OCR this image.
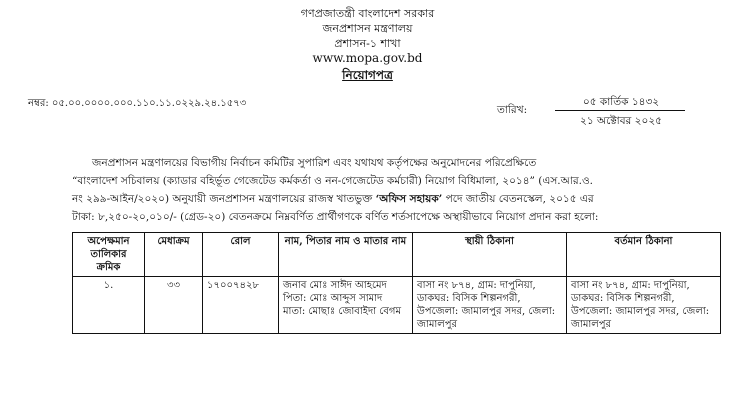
গণপ্রজাতন্ত্রী বাংলাদেশ সরকার
জনপ্রশাসন মন্ত্রণালয়
প্রশাসন-১ শাখা
www.mopa.gov.bd
নিয়োগপত্র
নম্বর: ০৫.০০.০০০০.০০০.১১০.১১.০২২৯.২৪.১৫৭৩
তারিখ:
০৫ কার্তিক ১৪৩২
২১ অক্টোবর ২০২৫
জনপ্রশাসন মন্ত্রণালয়ের বিভাগীয় নির্বাচন কমিটির সুপারিশ এবং যথাযথ কর্তৃপক্ষের অনুমোদনের পরিপ্রেক্ষিতে
“বাংলাদেশ সচিবালয় (ক্যাডার বহির্ভূত গেজেটেড কর্মকর্তা ও নন-গেজেটেড কর্মচারী) নিয়োগ বিধিমালা, ২০১৪” (এস.আর.ও.
নং ২৯৯-আইন/২০২০) অনুযায়ী জনপ্রশাসন মন্ত্রণালয়ের রাজস্ব খাতভুক্ত ‘অফিস সহায়ক’ পদে জাতীয় বেতনস্কেল, ২০১৫ এর
টাকা: ৮,২৫০-২০,০১০/- (গ্রেড-২০) বেতনক্রমে নিম্নবর্ণিত প্রার্থীগণকে বর্ণিত শর্তসাপেক্ষে অস্থায়ীভাবে নিয়োগ প্রদান করা হলো:
অপেক্ষমান তালিকার ক্রমিক	মেধাক্রম	রোল	নাম, পিতার নাম ও মাতার নাম	স্থায়ী ঠিকানা	বর্তমান ঠিকানা
১.	৩৩	১৭০০৭৪২৮	জনাব মোঃ সাঈদ আহমেদ
পিতা: মোঃ আব্দুস সামাদ
মাতা: মোছাঃ জোবাইদা বেগম	বাসা নং ৮৭৪, গ্রাম: দাপুনিয়া, ডাকঘর: বিসিক শিল্পনগরী, উপজেলা: জামালপুর সদর, জেলা: জামালপুর	বাসা নং ৮৭৪, গ্রাম: দাপুনিয়া, ডাকঘর: বিসিক শিল্পনগরী, উপজেলা: জামালপুর সদর, জেলা: জামালপুর
